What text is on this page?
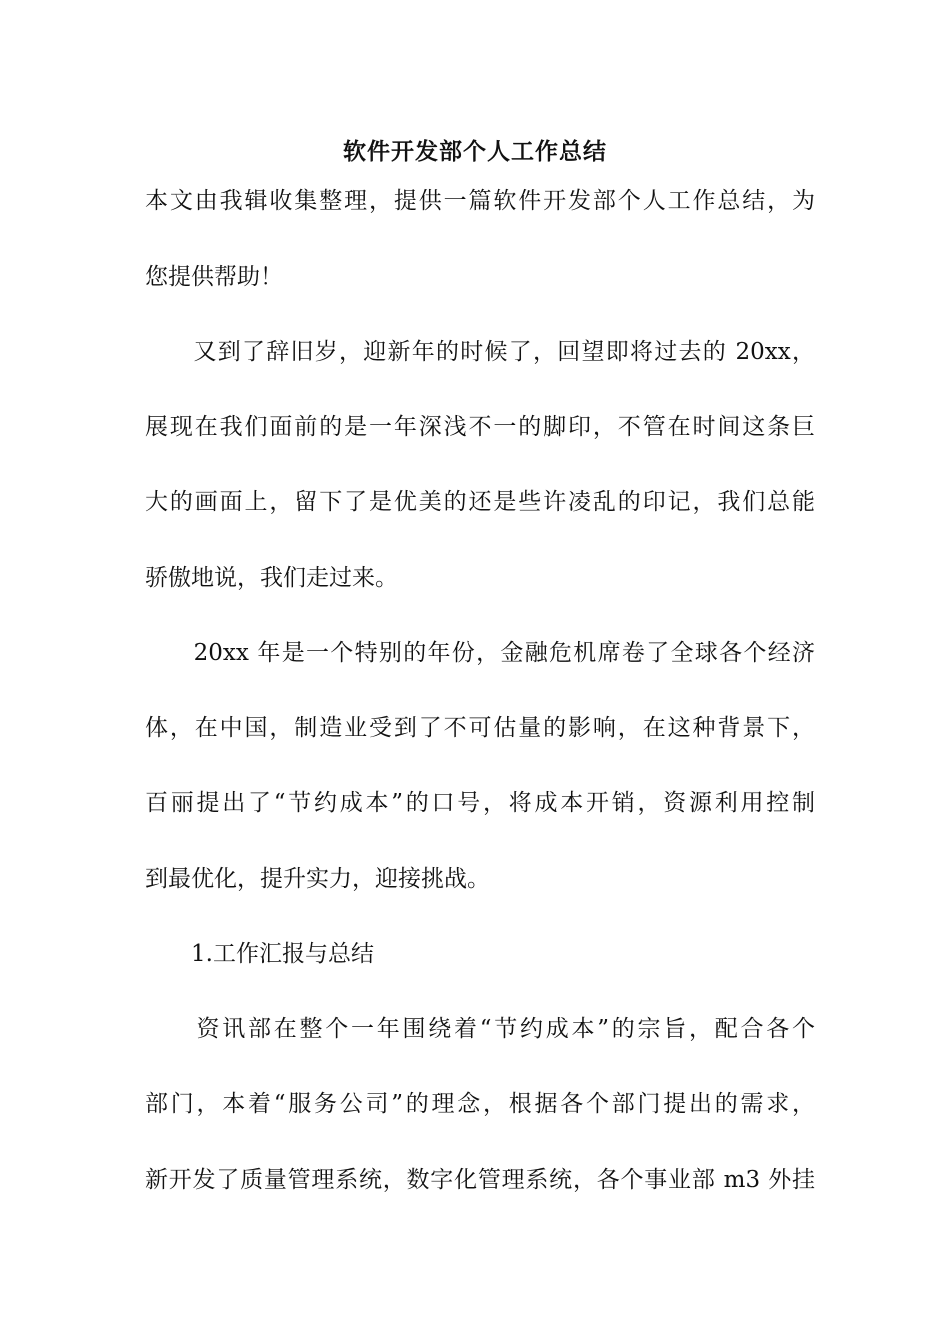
软件开发部个人工作总结
本文由我辑收集整理，提供一篇软件开发部个人工作总结，为
您提供帮助！
　　又到了辞旧岁，迎新年的时候了，回望即将过去的 20xx，
展现在我们面前的是一年深浅不一的脚印，不管在时间这条巨
大的画面上，留下了是优美的还是些许凌乱的印记，我们总能
骄傲地说，我们走过来。
　　20xx 年是一个特别的年份，金融危机席卷了全球各个经济
体，在中国，制造业受到了不可估量的影响，在这种背景下，
百丽提出了“节约成本”的口号，将成本开销，资源利用控制
到最优化，提升实力，迎接挑战。
　　1.工作汇报与总结
　　资讯部在整个一年围绕着“节约成本”的宗旨，配合各个
部门，本着“服务公司”的理念，根据各个部门提出的需求，
新开发了质量管理系统，数字化管理系统，各个事业部 m3 外挂
